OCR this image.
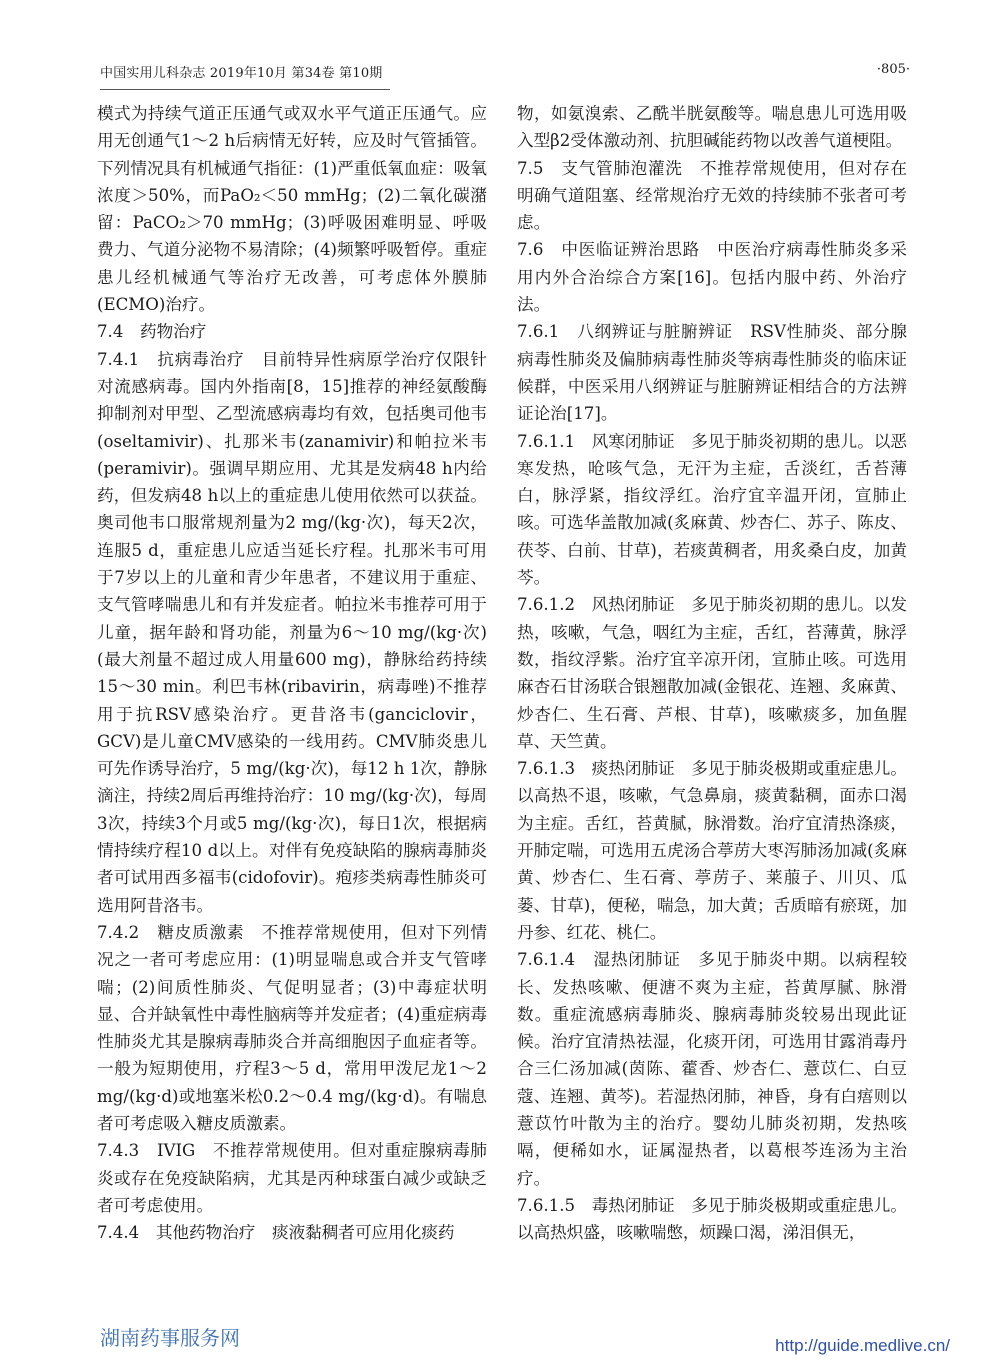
中国实用儿科杂志 2019年10月 第34卷 第10期	·805·

模式为持续气道正压通气或双水平气道正压通气。应用无创通气1～2 h后病情无好转，应及时气管插管。下列情况具有机械通气指征：(1)严重低氧血症：吸氧浓度＞50%，而PaO₂＜50 mmHg；(2)二氧化碳潴留：PaCO₂＞70 mmHg；(3)呼吸困难明显、呼吸费力、气道分泌物不易清除；(4)频繁呼吸暂停。重症患儿经机械通气等治疗无改善，可考虑体外膜肺(ECMO)治疗。

7.4　药物治疗

7.4.1　抗病毒治疗　目前特异性病原学治疗仅限针对流感病毒。国内外指南[8，15]推荐的神经氨酸酶抑制剂对甲型、乙型流感病毒均有效，包括奥司他韦(oseltamivir)、扎那米韦(zanamivir)和帕拉米韦(peramivir)。强调早期应用、尤其是发病48 h内给药，但发病48 h以上的重症患儿使用依然可以获益。奥司他韦口服常规剂量为2 mg/(kg·次)，每天2次，连服5 d，重症患儿应适当延长疗程。扎那米韦可用于7岁以上的儿童和青少年患者，不建议用于重症、支气管哮喘患儿和有并发症者。帕拉米韦推荐可用于儿童，据年龄和肾功能，剂量为6～10 mg/(kg·次)(最大剂量不超过成人用量600 mg)，静脉给药持续15～30 min。利巴韦林(ribavirin，病毒唑)不推荐用于抗RSV感染治疗。更昔洛韦(ganciclovir，GCV)是儿童CMV感染的一线用药。CMV肺炎患儿可先作诱导治疗，5 mg/(kg·次)，每12 h 1次，静脉滴注，持续2周后再维持治疗：10 mg/(kg·次)，每周3次，持续3个月或5 mg/(kg·次)，每日1次，根据病情持续疗程10 d以上。对伴有免疫缺陷的腺病毒肺炎者可试用西多福韦(cidofovir)。疱疹类病毒性肺炎可选用阿昔洛韦。

7.4.2　糖皮质激素　不推荐常规使用，但对下列情况之一者可考虑应用：(1)明显喘息或合并支气管哮喘；(2)间质性肺炎、气促明显者；(3)中毒症状明显、合并缺氧性中毒性脑病等并发症者；(4)重症病毒性肺炎尤其是腺病毒肺炎合并高细胞因子血症者等。一般为短期使用，疗程3～5 d，常用甲泼尼龙1～2 mg/(kg·d)或地塞米松0.2～0.4 mg/(kg·d)。有喘息者可考虑吸入糖皮质激素。

7.4.3　IVIG　不推荐常规使用。但对重症腺病毒肺炎或存在免疫缺陷病，尤其是丙种球蛋白减少或缺乏者可考虑使用。

7.4.4　其他药物治疗　痰液黏稠者可应用化痰药

物，如氨溴索、乙酰半胱氨酸等。喘息患儿可选用吸入型β2受体激动剂、抗胆碱能药物以改善气道梗阻。

7.5　支气管肺泡灌洗　不推荐常规使用，但对存在明确气道阻塞、经常规治疗无效的持续肺不张者可考虑。

7.6　中医临证辨治思路　中医治疗病毒性肺炎多采用内外合治综合方案[16]。包括内服中药、外治疗法。

7.6.1　八纲辨证与脏腑辨证　RSV性肺炎、部分腺病毒性肺炎及偏肺病毒性肺炎等病毒性肺炎的临床证候群，中医采用八纲辨证与脏腑辨证相结合的方法辨证论治[17]。

7.6.1.1　风寒闭肺证　多见于肺炎初期的患儿。以恶寒发热，呛咳气急，无汗为主症，舌淡红，舌苔薄白，脉浮紧，指纹浮红。治疗宜辛温开闭，宣肺止咳。可选华盖散加减(炙麻黄、炒杏仁、苏子、陈皮、茯苓、白前、甘草)，若痰黄稠者，用炙桑白皮，加黄芩。

7.6.1.2　风热闭肺证　多见于肺炎初期的患儿。以发热，咳嗽，气急，咽红为主症，舌红，苔薄黄，脉浮数，指纹浮紫。治疗宜辛凉开闭，宣肺止咳。可选用麻杏石甘汤联合银翘散加减(金银花、连翘、炙麻黄、炒杏仁、生石膏、芦根、甘草)，咳嗽痰多，加鱼腥草、天竺黄。

7.6.1.3　痰热闭肺证　多见于肺炎极期或重症患儿。以高热不退，咳嗽，气急鼻扇，痰黄黏稠，面赤口渴为主症。舌红，苔黄腻，脉滑数。治疗宜清热涤痰，开肺定喘，可选用五虎汤合葶苈大枣泻肺汤加减(炙麻黄、炒杏仁、生石膏、葶苈子、莱菔子、川贝、瓜蒌、甘草)，便秘，喘急，加大黄；舌质暗有瘀斑，加丹参、红花、桃仁。

7.6.1.4　湿热闭肺证　多见于肺炎中期。以病程较长、发热咳嗽、便溏不爽为主症，苔黄厚腻、脉滑数。重症流感病毒肺炎、腺病毒肺炎较易出现此证候。治疗宜清热祛湿，化痰开闭，可选用甘露消毒丹合三仁汤加减(茵陈、藿香、炒杏仁、薏苡仁、白豆蔻、连翘、黄芩)。若湿热闭肺，神昏，身有白痦则以薏苡竹叶散为主的治疗。婴幼儿肺炎初期，发热咳嗝，便稀如水，证属湿热者，以葛根芩连汤为主治疗。

7.6.1.5　毒热闭肺证　多见于肺炎极期或重症患儿。以高热炽盛，咳嗽喘憋，烦躁口渴，涕泪俱无，

湖南药事服务网	http://guide.medlive.cn/
